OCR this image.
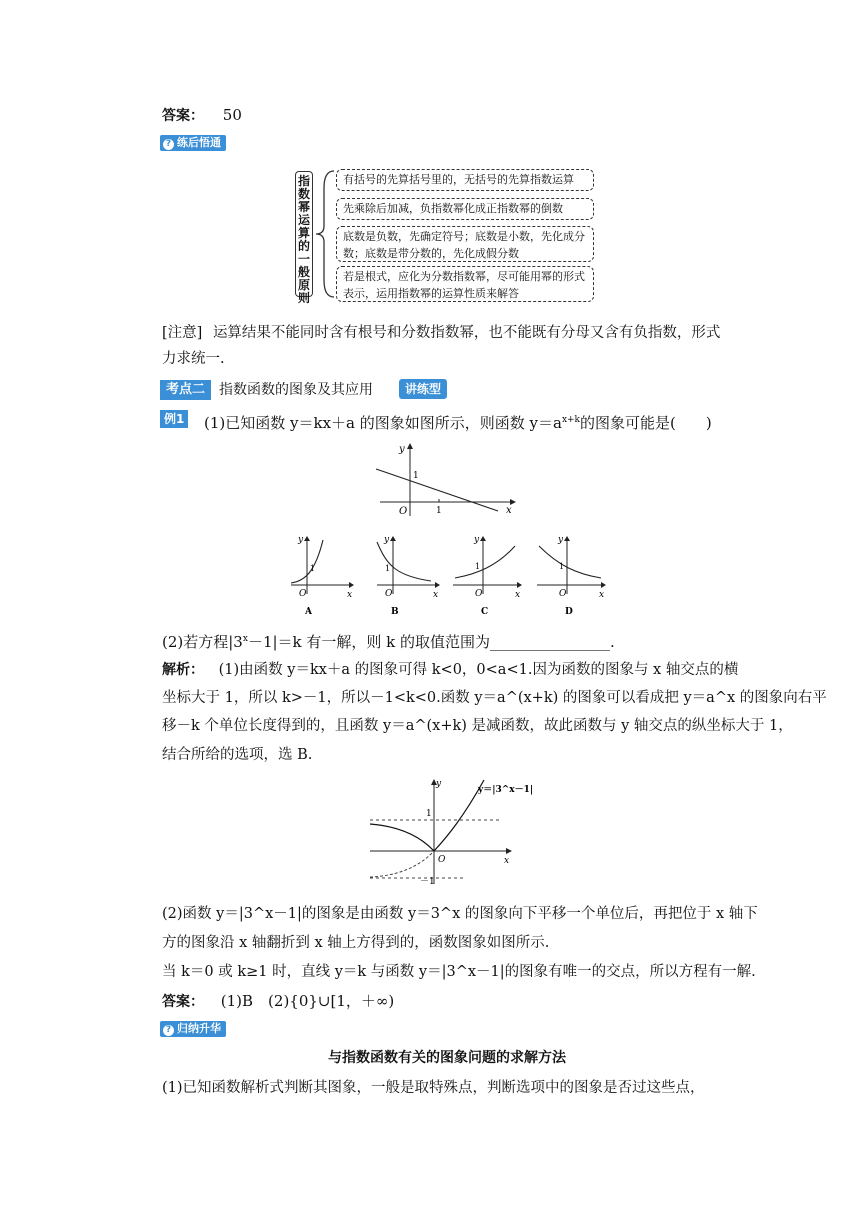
答案： 50
? 练后悟通
指数幂运算的一般原则
有括号的先算括号里的，无括号的先算指数运算
先乘除后加减，负指数幂化成正指数幂的倒数
底数是负数，先确定符号；底数是小数，先化成分数；底数是带分数的，先化成假分数
若是根式，应化为分数指数幂，尽可能用幂的形式表示，运用指数幂的运算性质来解答
[注意] 运算结果不能同时含有根号和分数指数幂，也不能既有分母又含有负指数，形式力求统一.
考点二 指数函数的图象及其应用	讲练型
例1 (1)已知函数 y＝kx＋a 的图象如图所示，则函数 $y=a^{x+k}$的图象可能是(　　)
y
x
O
1
1
y
x
O
1
A
y
x
O
1
B
y
x
O
1
C
y
x
O
1
D
(2)若方程$|3^x-1|=k$ 有一解，则 k 的取值范围为________________.
解析： (1)由函数 y＝kx＋a 的图象可得 k<0，0<a<1.因为函数的图象与 x 轴交点的横
坐标大于 1，所以 k>－1，所以－1<k<0.函数 y＝a^(x+k) 的图象可以看成把 y＝a^x 的图象向右平
移－k 个单位长度得到的，且函数 y＝a^(x+k) 是减函数，故此函数与 y 轴交点的纵坐标大于 1，
结合所给的选项，选 B.
y
x
O
1
－1
y＝|3^x－1|
(2)函数 y＝|3^x－1|的图象是由函数 y＝3^x 的图象向下平移一个单位后，再把位于 x 轴下
方的图象沿 x 轴翻折到 x 轴上方得到的，函数图象如图所示.
当 k＝0 或 k≥1 时，直线 y＝k 与函数 y＝|3^x－1|的图象有唯一的交点，所以方程有一解.
答案： (1)B　(2){0}∪[1，＋∞)
? 归纳升华
与指数函数有关的图象问题的求解方法
(1)已知函数解析式判断其图象，一般是取特殊点，判断选项中的图象是否过这些点，
